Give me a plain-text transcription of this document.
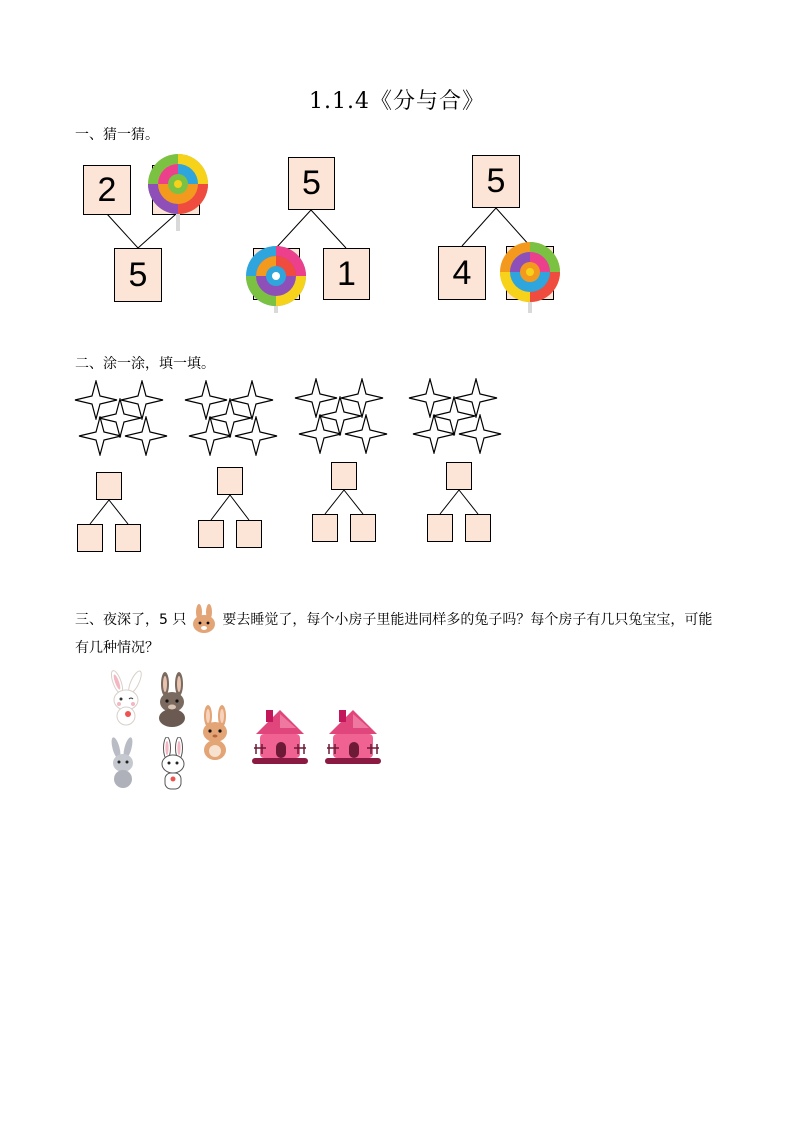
1.1.4《分与合》
一、猜一猜。
2
5
5
1
5
4
二、涂一涂，填一填。
三、夜深了，5 只	要去睡觉了，每个小房子里能进同样多的兔子吗？每个房子有几只兔宝宝，可能有几种情况？
